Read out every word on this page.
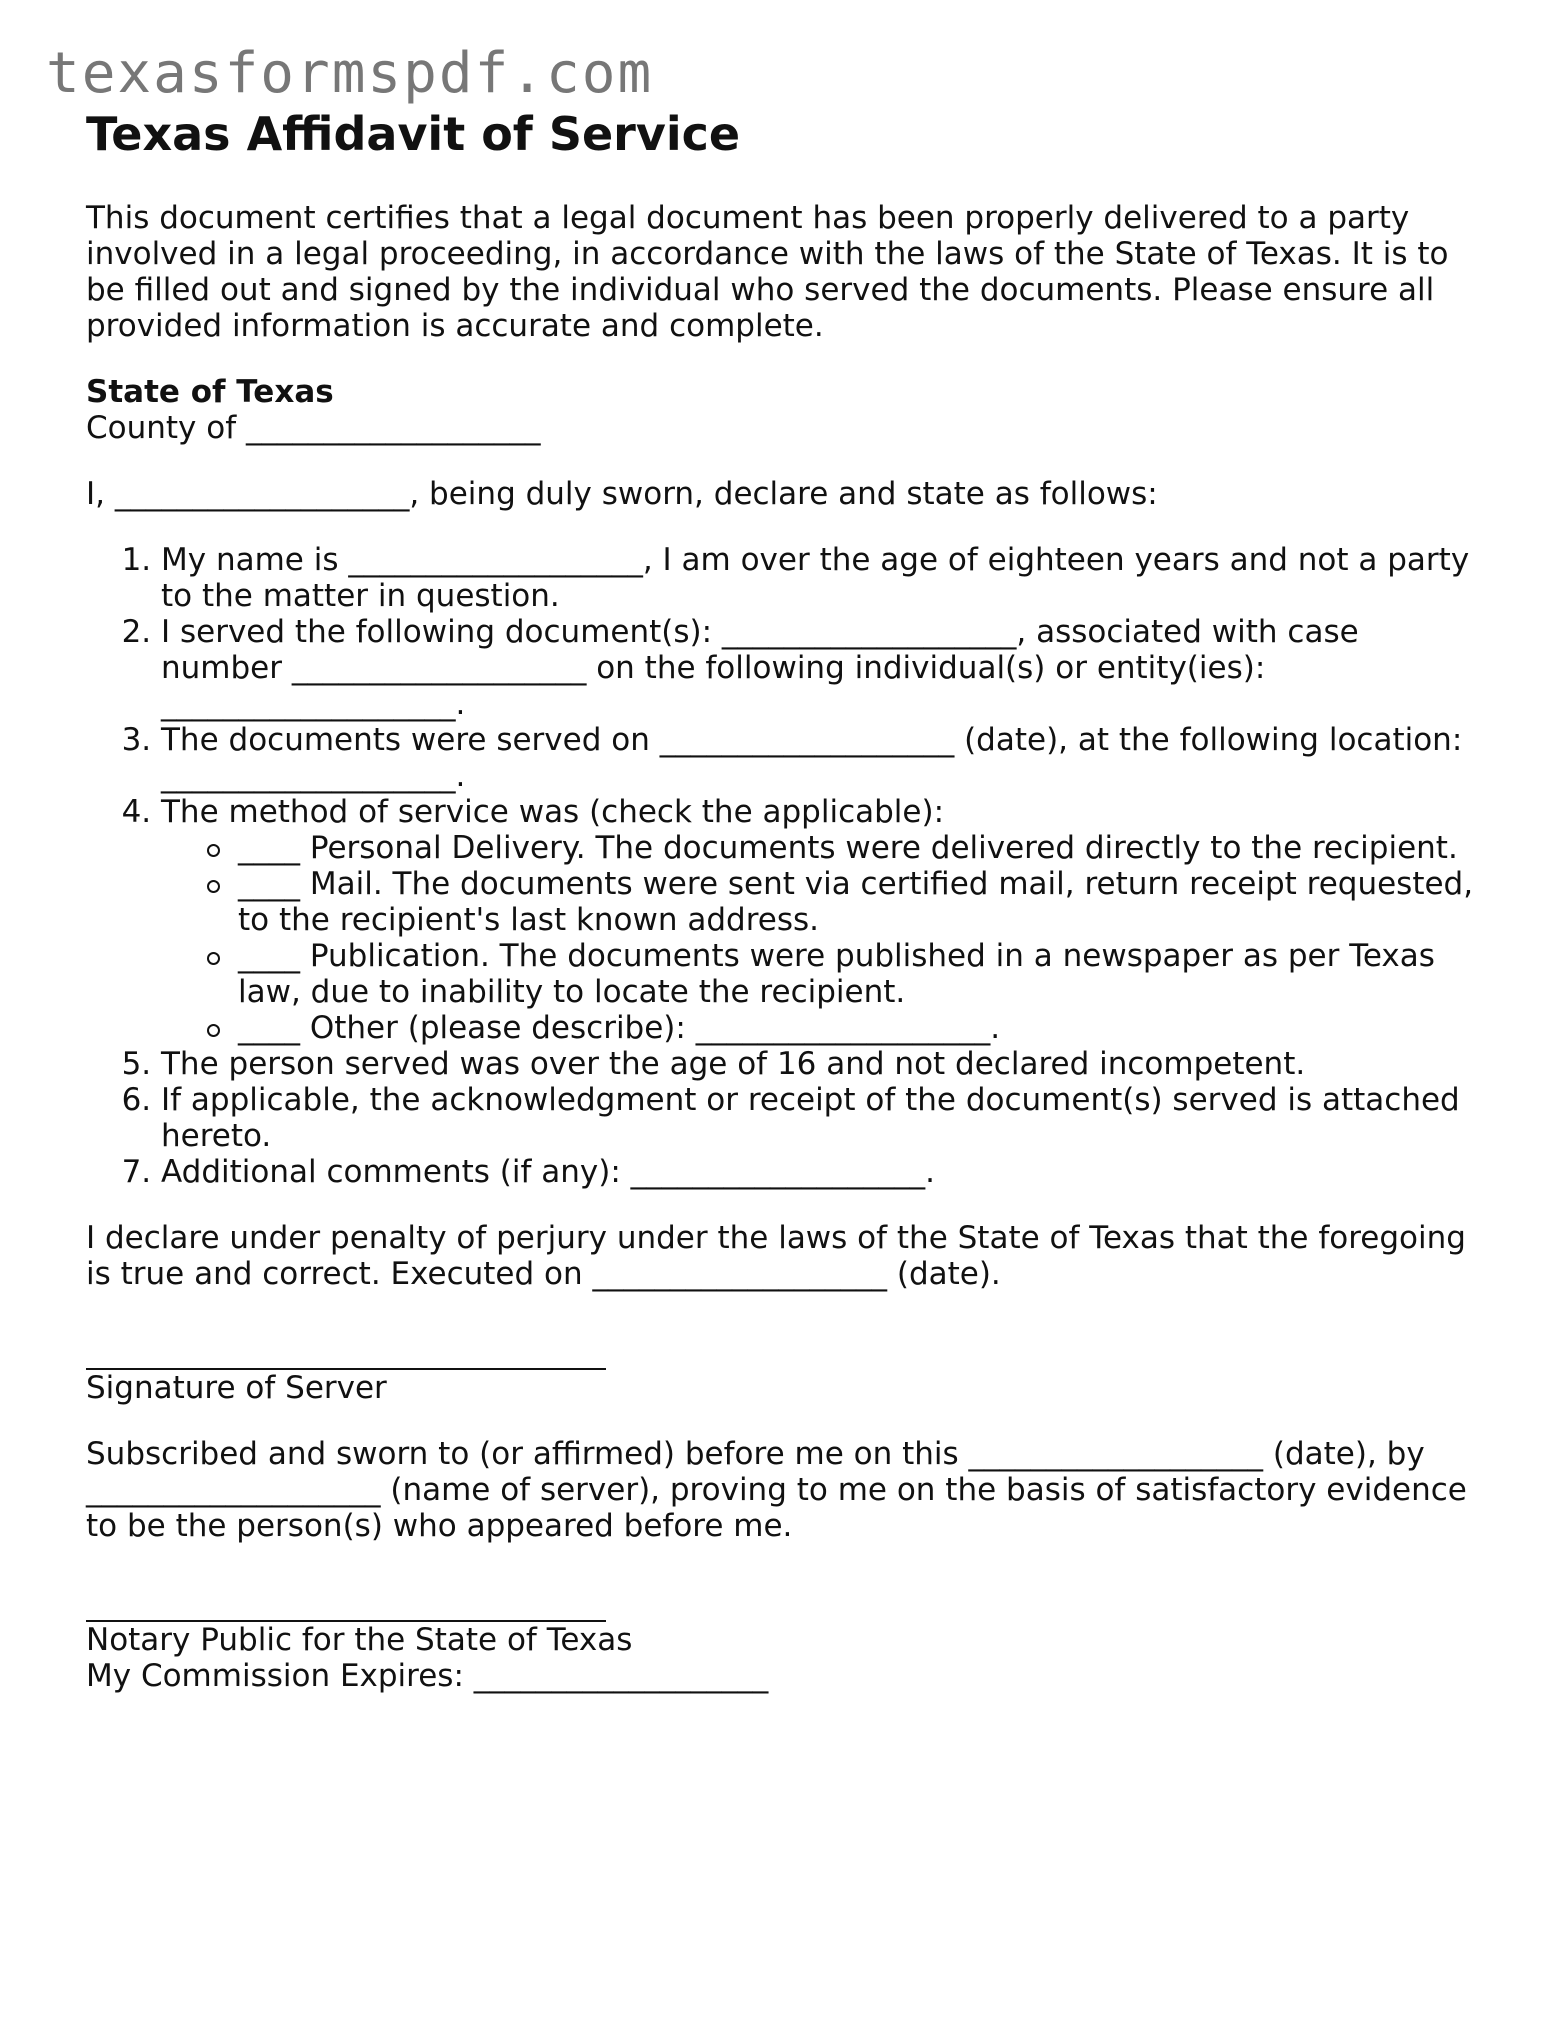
texasformspdf.com
Texas Affidavit of Service

This document certifies that a legal document has been properly delivered to a party involved in a legal proceeding, in accordance with the laws of the State of Texas. It is to be filled out and signed by the individual who served the documents. Please ensure all provided information is accurate and complete.

State of Texas

County of ___________________

I, ___________________, being duly sworn, declare and state as follows:

1. My name is ___________________, I am over the age of eighteen years and not a party to the matter in question.
2. I served the following document(s): ___________________, associated with case number ___________________ on the following individual(s) or entity(ies): ___________________.
3. The documents were served on ___________________ (date), at the following location: ___________________.
4. The method of service was (check the applicable):
____ Personal Delivery. The documents were delivered directly to the recipient.
____ Mail. The documents were sent via certified mail, return receipt requested, to the recipient's last known address.
____ Publication. The documents were published in a newspaper as per Texas law, due to inability to locate the recipient.
____ Other (please describe): ___________________.
5. The person served was over the age of 16 and not declared incompetent.
6. If applicable, the acknowledgment or receipt of the document(s) served is attached hereto.
7. Additional comments (if any): ___________________.

I declare under penalty of perjury under the laws of the State of Texas that the foregoing is true and correct. Executed on ___________________ (date).

Signature of Server

Subscribed and sworn to (or affirmed) before me on this ___________________ (date), by ___________________ (name of server), proving to me on the basis of satisfactory evidence to be the person(s) who appeared before me.

Notary Public for the State of Texas

My Commission Expires: ___________________
